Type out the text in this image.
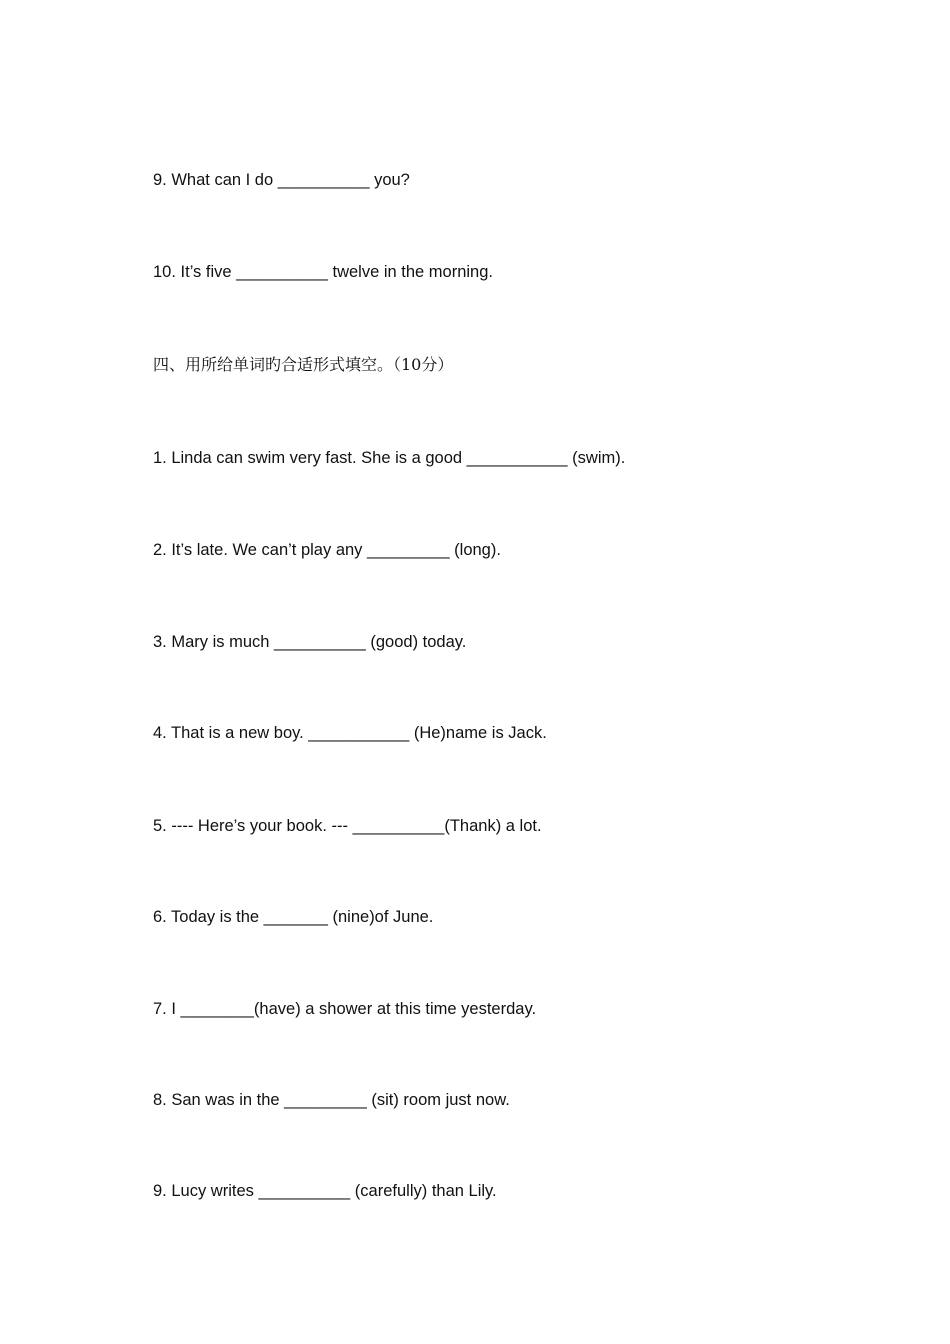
9. What can I do __________ you?
10. It’s five __________ twelve in the morning.
四、用所给单词旳合适形式填空。（10分）
1. Linda can swim very fast. She is a good ___________ (swim).
2. It’s late. We can’t play any _________ (long).
3. Mary is much __________ (good) today.
4. That is a new boy. ___________ (He)name is Jack.
5. ---- Here’s your book. --- __________(Thank) a lot.
6. Today is the _______ (nine)of June.
7. I ________(have) a shower at this time yesterday.
8. San was in the _________ (sit) room just now.
9. Lucy writes __________ (carefully) than Lily.
